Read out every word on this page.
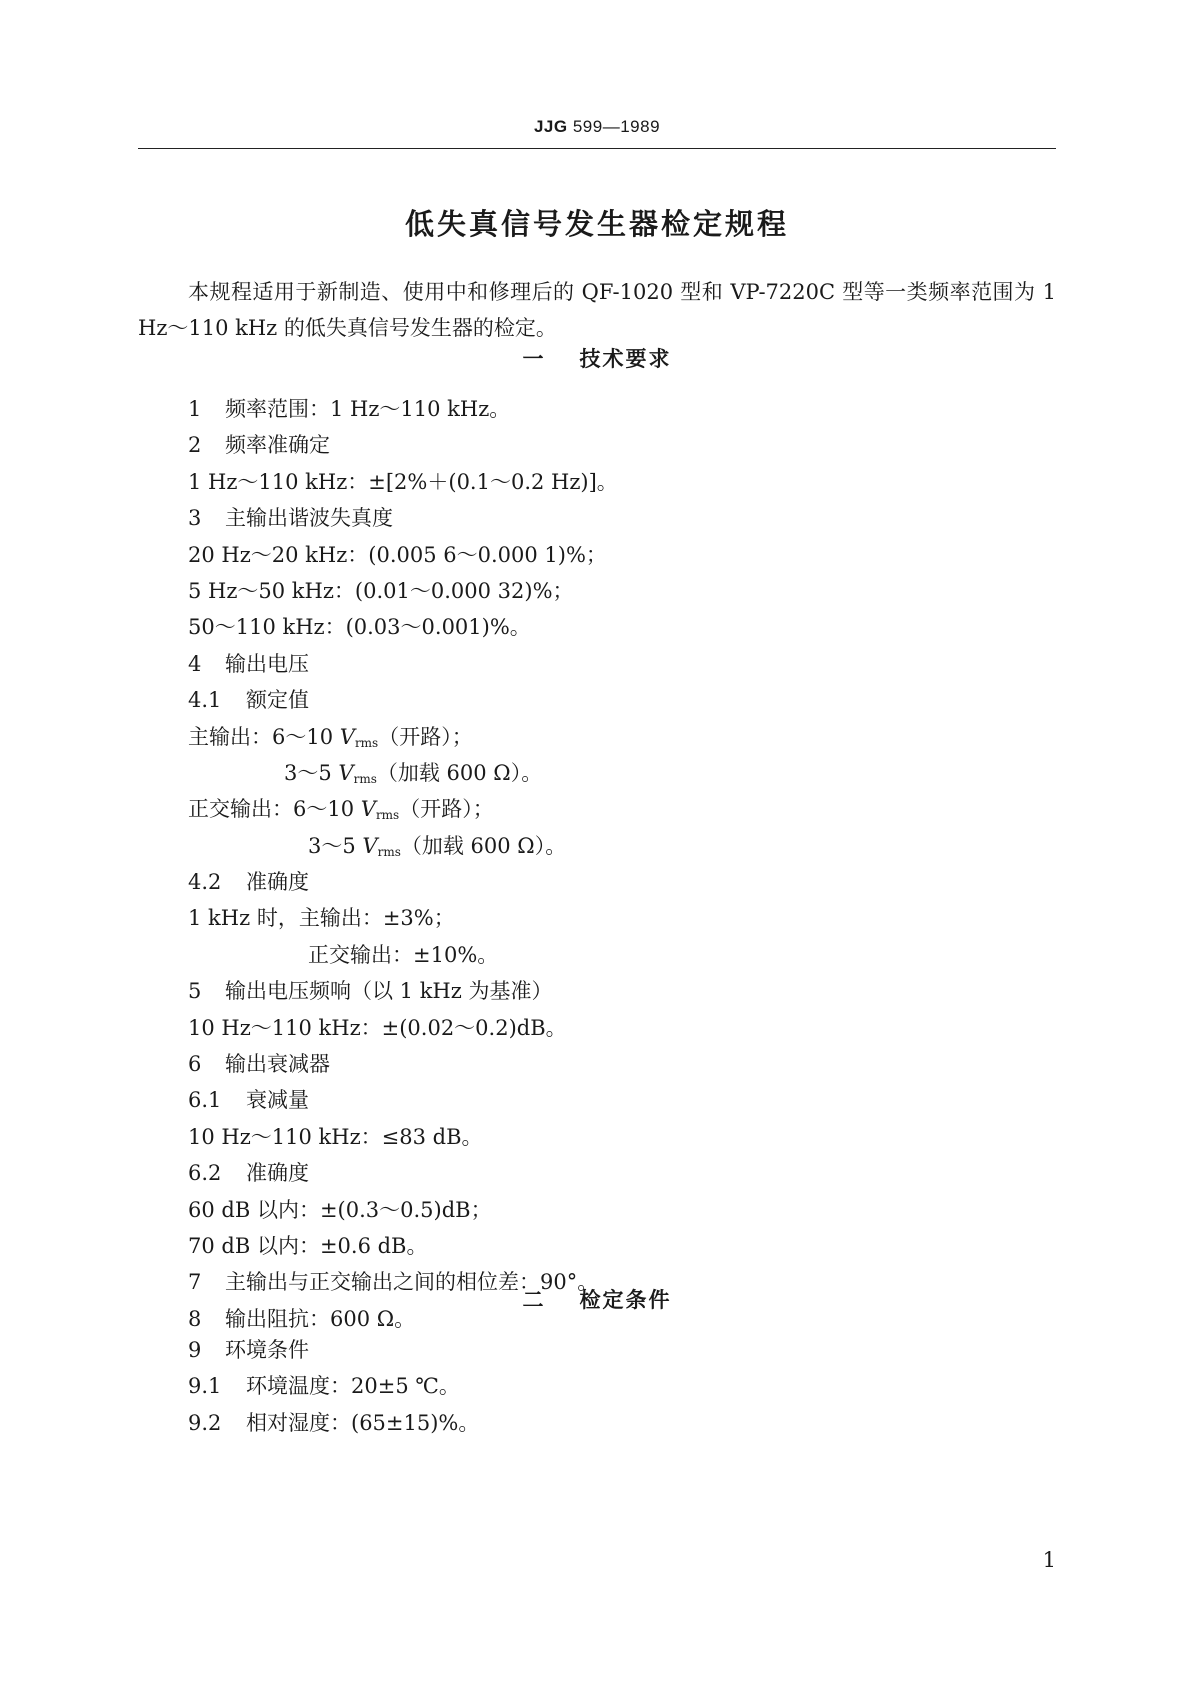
JJG 599—1989
低失真信号发生器检定规程

本规程适用于新制造、使用中和修理后的 QF-1020 型和 VP-7220C 型等一类频率范围为 1 Hz～110 kHz 的低失真信号发生器的检定。

一 技术要求
1 频率范围：1 Hz～110 kHz。
2 频率准确定
1 Hz～110 kHz：±[2%＋(0.1～0.2 Hz)]。
3 主输出谐波失真度
20 Hz～20 kHz：(0.005 6～0.000 1)%；
5 Hz～50 kHz：(0.01～0.000 32)%；
50～110 kHz：(0.03～0.001)%。
4 输出电压
4.1 额定值
主输出：6～10 $V_{rms}$（开路）；
3～5 $V_{rms}$（加载 600 Ω）。
正交输出：6～10 $V_{rms}$（开路）；
3～5 $V_{rms}$（加载 600 Ω）。
4.2 准确度
1 kHz 时，主输出：±3%；
正交输出：±10%。
5 输出电压频响（以 1 kHz 为基准）
10 Hz～110 kHz：±(0.02～0.2)dB。
6 输出衰减器
6.1 衰减量
10 Hz～110 kHz：≤83 dB。
6.2 准确度
60 dB 以内：±(0.3～0.5)dB；
70 dB 以内：±0.6 dB。
7 主输出与正交输出之间的相位差：90°。
8 输出阻抗：600 Ω。
二 检定条件
9 环境条件
9.1 环境温度：20±5 ℃。
9.2 相对湿度：(65±15)%。
1
